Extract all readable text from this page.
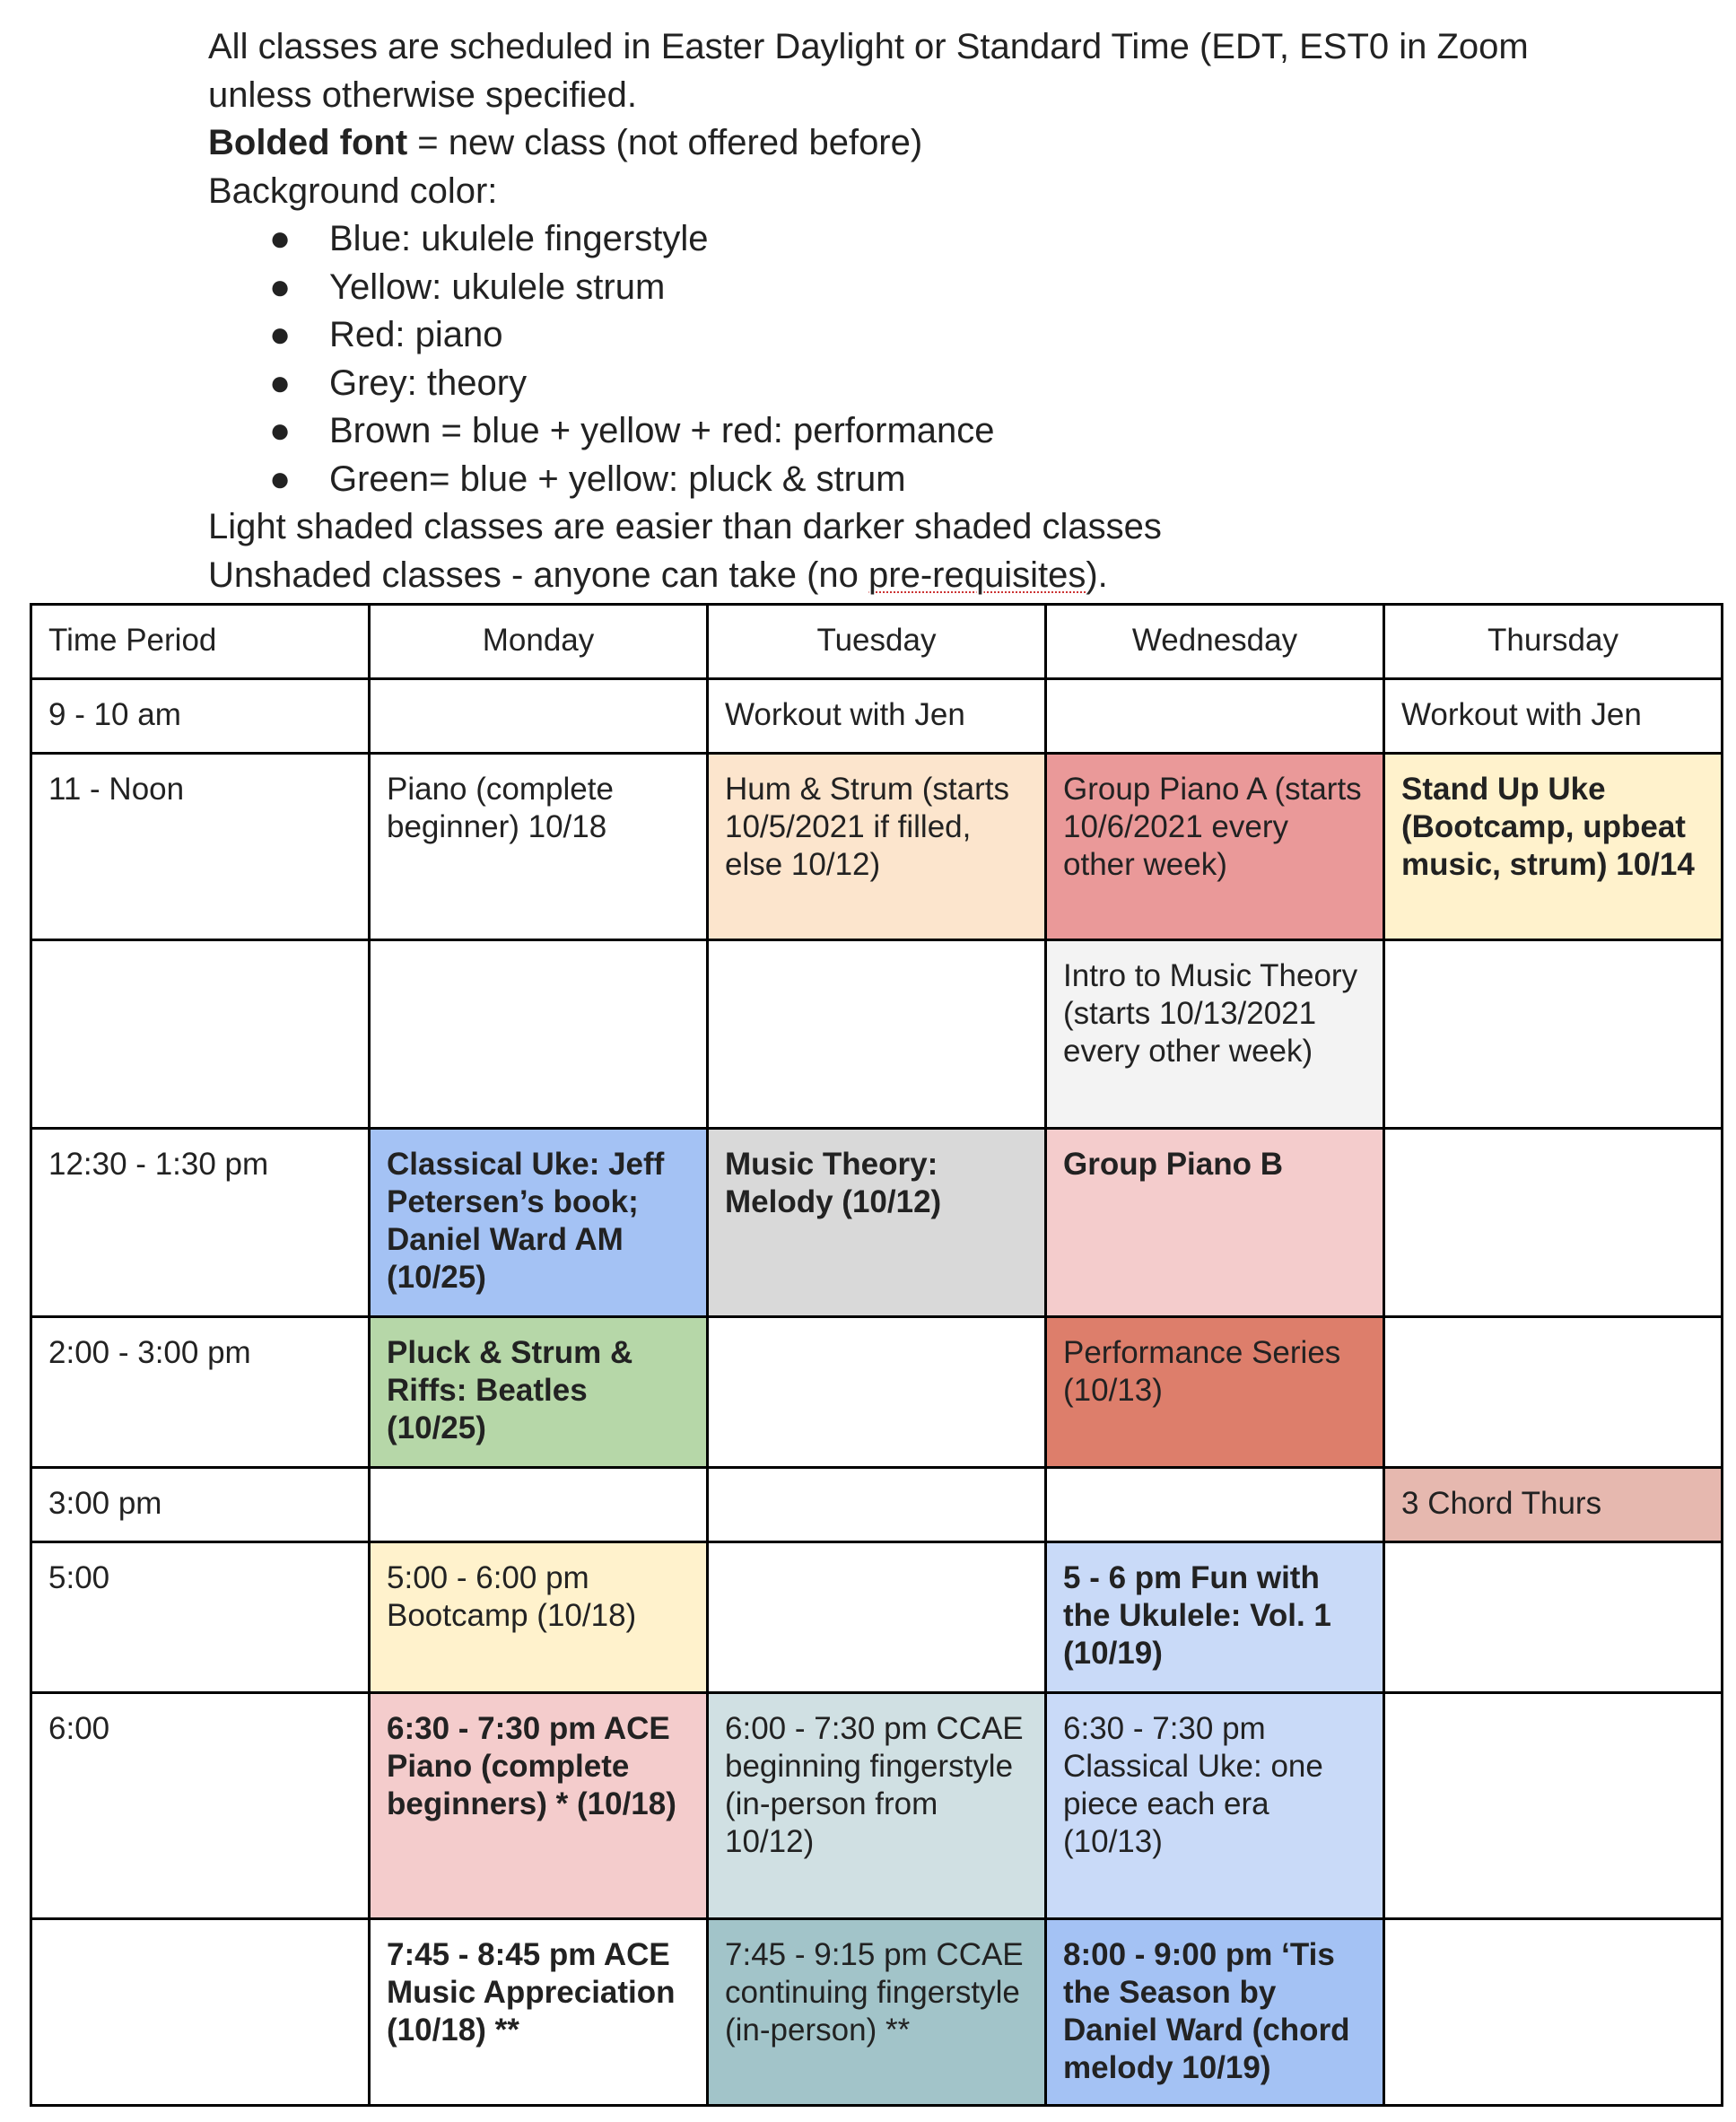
All classes are scheduled in Easter Daylight or Standard Time (EDT, EST0 in Zoom

unless otherwise specified.

Bolded font = new class (not offered before)

Background color:

● Blue: ukulele fingerstyle
● Yellow: ukulele strum
● Red: piano
● Grey: theory
● Brown = blue + yellow + red: performance
● Green= blue + yellow: pluck & strum

Light shaded classes are easier than darker shaded classes

Unshaded classes - anyone can take (no pre-requisites).

Time Period	Monday	Tuesday	Wednesday	Thursday
9 - 10 am		Workout with Jen		Workout with Jen
11 - Noon	Piano (complete beginner) 10/18	Hum & Strum (starts 10/5/2021 if filled, else 10/12)	Group Piano A (starts 10/6/2021 every other week)	Stand Up Uke (Bootcamp, upbeat music, strum) 10/14
			Intro to Music Theory (starts 10/13/2021 every other week)	
12:30 - 1:30 pm	Classical Uke: Jeff Petersen’s book; Daniel Ward AM (10/25)	Music Theory: Melody (10/12)	Group Piano B	
2:00 - 3:00 pm	Pluck & Strum & Riffs: Beatles (10/25)		Performance Series (10/13)	
3:00 pm				3 Chord Thurs
5:00	5:00 - 6:00 pm Bootcamp (10/18)		5 - 6 pm Fun with the Ukulele: Vol. 1 (10/19)	
6:00	6:30 - 7:30 pm ACE Piano (complete beginners) * (10/18)	6:00 - 7:30 pm CCAE beginning fingerstyle (in-person from 10/12)	6:30 - 7:30 pm Classical Uke: one piece each era (10/13)	
	7:45 - 8:45 pm ACE Music Appreciation (10/18) **	7:45 - 9:15 pm CCAE continuing fingerstyle (in-person) **	8:00 - 9:00 pm ‘Tis the Season by Daniel Ward (chord melody 10/19)	
